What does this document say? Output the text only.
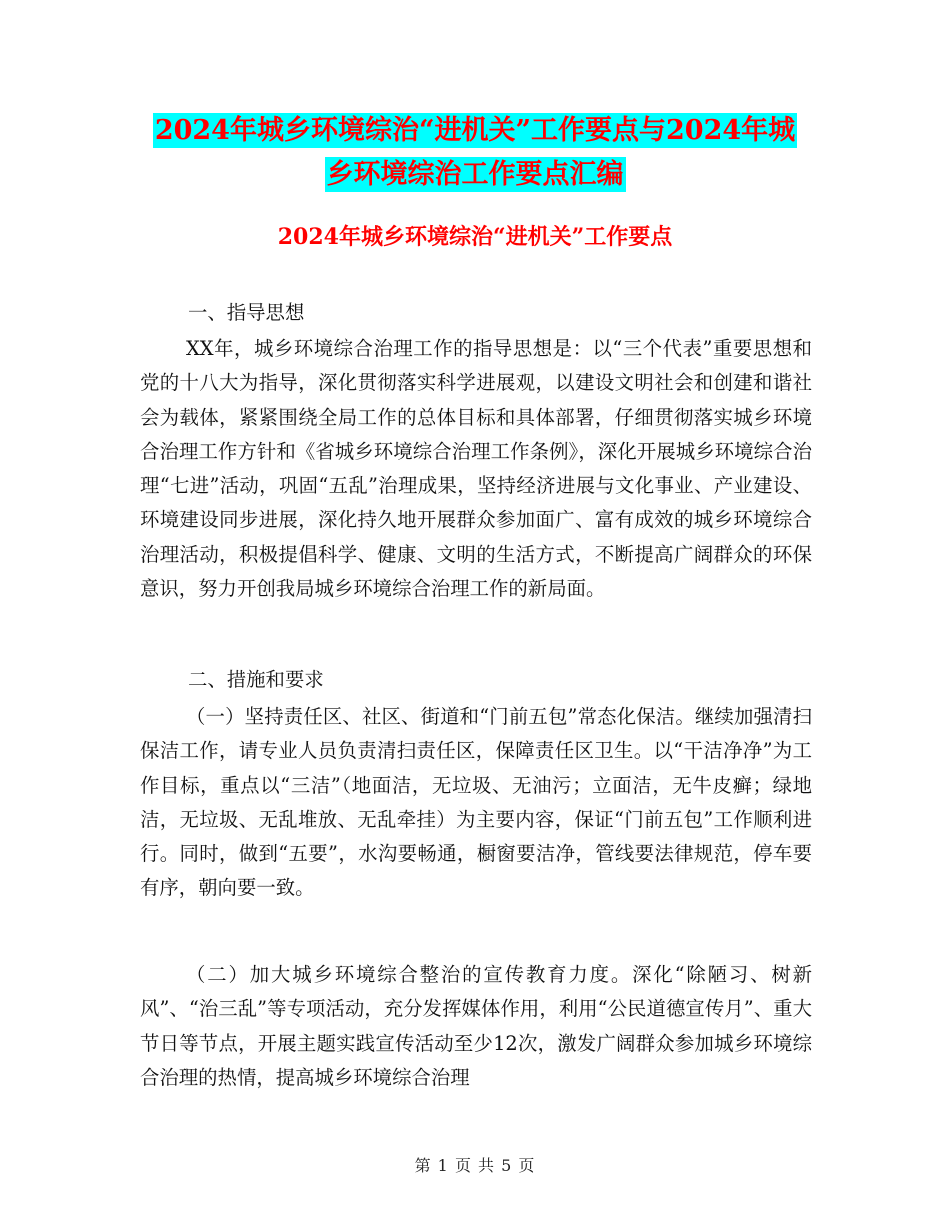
2024年城乡环境综治“进机关”工作要点与2024年城
乡环境综治工作要点汇编
2024年城乡环境综治“进机关”工作要点
一、指导思想
XX年，城乡环境综合治理工作的指导思想是：以“三个代表”重要思想和党的十八大为指导，深化贯彻落实科学进展观，以建设文明社会和创建和谐社会为载体，紧紧围绕全局工作的总体目标和具体部署，仔细贯彻落实城乡环境合治理工作方针和《省城乡环境综合治理工作条例》，深化开展城乡环境综合治理“七进”活动，巩固“五乱”治理成果，坚持经济进展与文化事业、产业建设、环境建设同步进展，深化持久地开展群众参加面广、富有成效的城乡环境综合治理活动，积极提倡科学、健康、文明的生活方式，不断提高广阔群众的环保意识，努力开创我局城乡环境综合治理工作的新局面。
二、措施和要求
（一）坚持责任区、社区、街道和“门前五包”常态化保洁。继续加强清扫保洁工作，请专业人员负责清扫责任区，保障责任区卫生。以“干洁净净”为工作目标，重点以“三洁”（地面洁，无垃圾、无油污；立面洁，无牛皮癣；绿地洁，无垃圾、无乱堆放、无乱牵挂）为主要内容，保证“门前五包”工作顺利进行。同时，做到“五要”，水沟要畅通，橱窗要洁净，管线要法律规范，停车要有序，朝向要一致。
（二）加大城乡环境综合整治的宣传教育力度。深化“除陋习、树新风”、“治三乱”等专项活动，充分发挥媒体作用，利用“公民道德宣传月”、重大节日等节点，开展主题实践宣传活动至少12次，激发广阔群众参加城乡环境综合治理的热情，提高城乡环境综合治理
第 1 页 共 5 页
